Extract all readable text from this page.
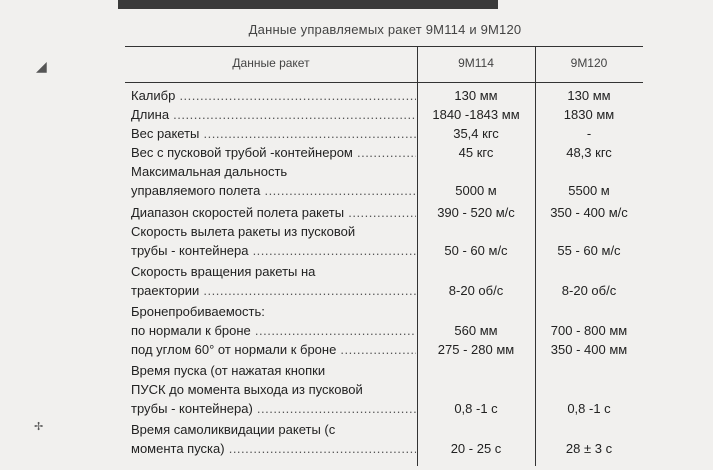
Данные управляемых ракет 9М114 и 9М120
Данные ракет	9М114	9М120
Калибр .....	130 мм	130 мм
Длина .....	1840 -1843 мм	1830 мм
Вес ракеты .....	35,4 кгс	-
Вес с пусковой трубой -контейнером .....	45 кгс	48,3 кгс
Максимальная дальность
управляемого полета .....	5000 м	5500 м
Диапазон скоростей полета ракеты .....	390 - 520 м/с	350 - 400 м/с
Скорость вылета ракеты из пусковой
трубы - контейнера .....	50 - 60 м/с	55 - 60 м/с
Скорость вращения ракеты на
траектории .....	8-20 об/с	8-20 об/с
Бронепробиваемость:
по нормали к броне .....	560 мм	700 - 800 мм
под углом 60° от нормали к броне .....	275 - 280 мм	350 - 400 мм
Время пуска (от нажатая кнопки
ПУСК до момента выхода из пусковой
трубы - контейнера) .....	0,8 -1 с	0,8 -1 с
Время самоликвидации ракеты (с
момента пуска) .....	20 - 25 с	28 ± 3 с
◢
✢
